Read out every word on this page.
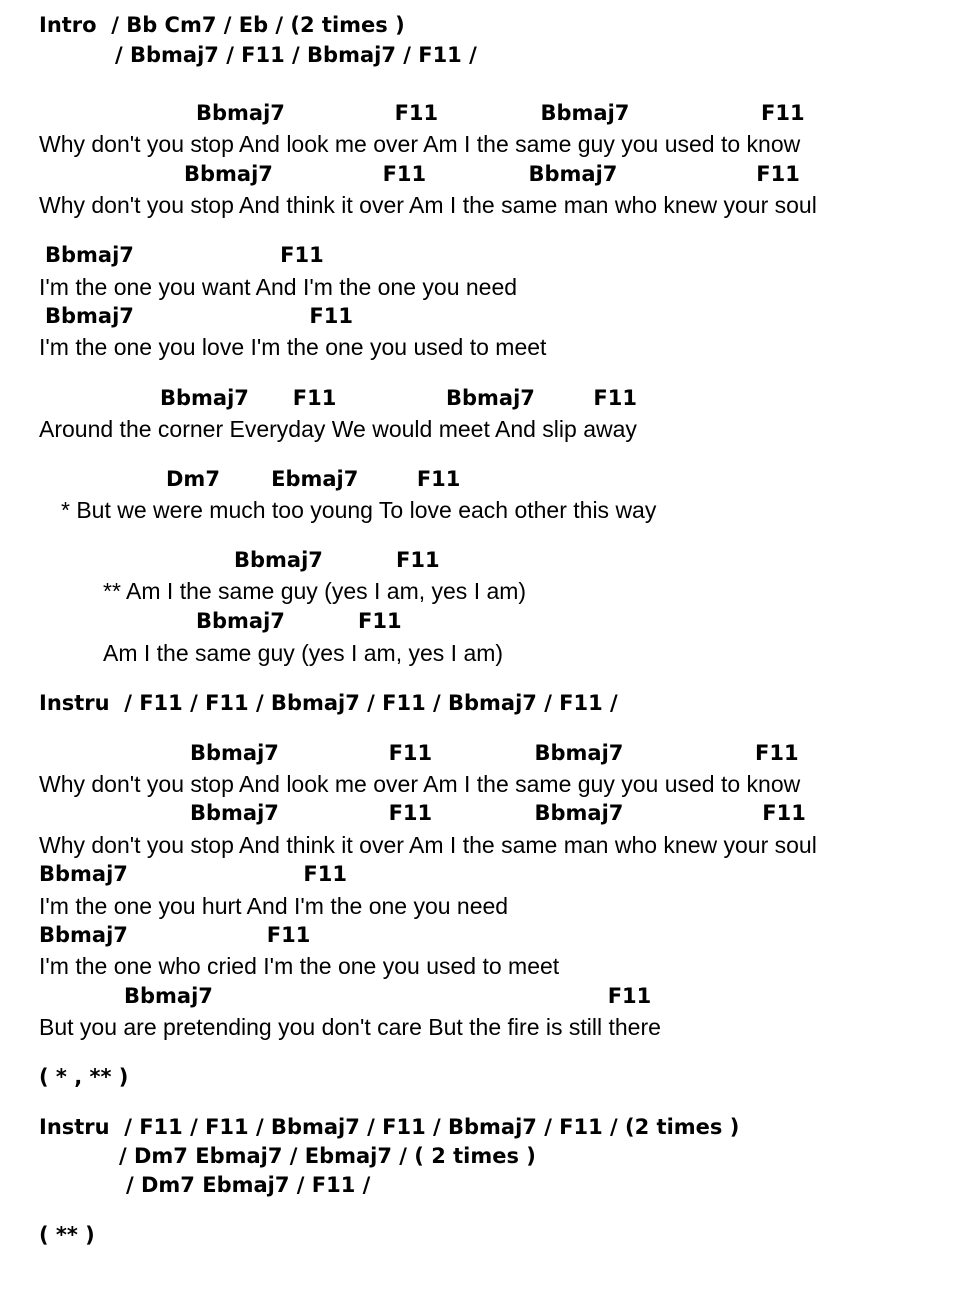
Intro  / Bb Cm7 / Eb / (2 times )
/ Bbmaj7 / F11 / Bbmaj7 / F11 /
Bbmaj7               F11              Bbmaj7                  F11
Why don't you stop And look me over Am I the same guy you used to know
Bbmaj7               F11              Bbmaj7                   F11
Why don't you stop And think it over Am I the same man who knew your soul
Bbmaj7                    F11
I'm the one you want And I'm the one you need
Bbmaj7                        F11
I'm the one you love I'm the one you used to meet
Bbmaj7      F11               Bbmaj7        F11
Around the corner Everyday We would meet And slip away
Dm7       Ebmaj7        F11
* But we were much too young To love each other this way
Bbmaj7          F11
** Am I the same guy (yes I am, yes I am)
Bbmaj7          F11
Am I the same guy (yes I am, yes I am)
Instru  / F11 / F11 / Bbmaj7 / F11 / Bbmaj7 / F11 /
Bbmaj7               F11              Bbmaj7                  F11
Why don't you stop And look me over Am I the same guy you used to know
Bbmaj7               F11              Bbmaj7                   F11
Why don't you stop And think it over Am I the same man who knew your soul
Bbmaj7                        F11
I'm the one you hurt And I'm the one you need
Bbmaj7                   F11
I'm the one who cried I'm the one you used to meet
Bbmaj7                                                      F11
But you are pretending you don't care But the fire is still there
( * , ** )
Instru  / F11 / F11 / Bbmaj7 / F11 / Bbmaj7 / F11 / (2 times )
/ Dm7 Ebmaj7 / Ebmaj7 / ( 2 times )
/ Dm7 Ebmaj7 / F11 /
( ** )
